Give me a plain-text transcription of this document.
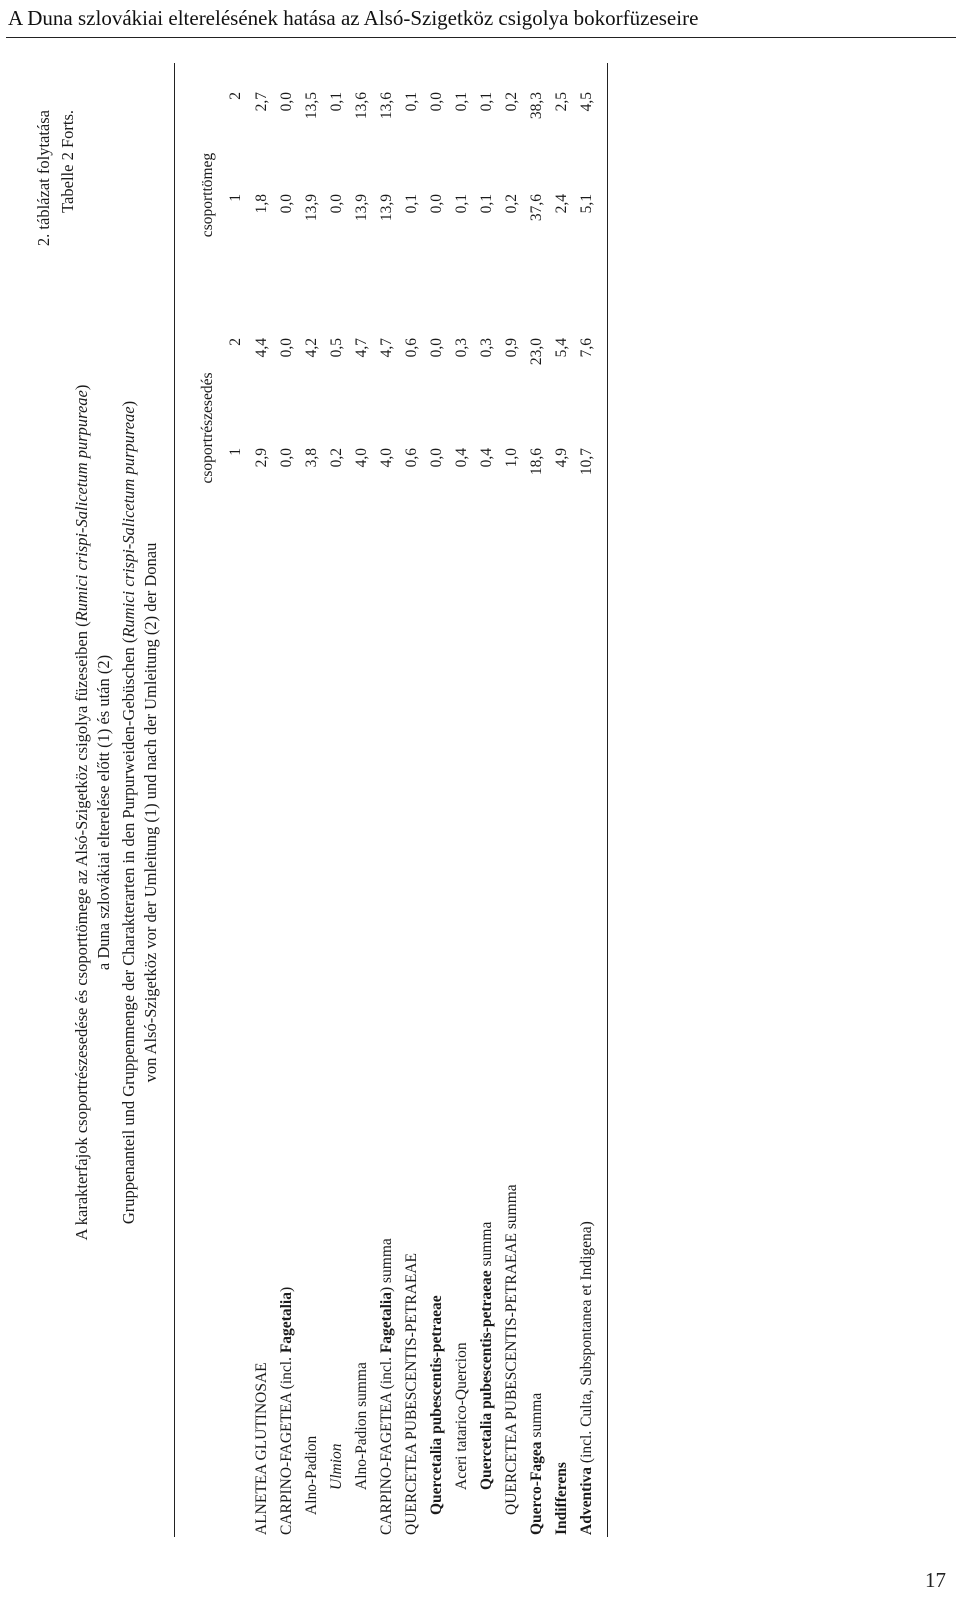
A Duna szlovákiai elterelésének hatása az Alsó-Szigetköz csigolya bokorfüzeseire
2. táblázat folytatása Tabelle 2 Forts.
A karakterfajok csoportrészesedése és csoporttömege az Alsó-Szigetköz csigolya füzeseiben (Rumici crispi-Salicetum purpureae)
a Duna szlovákiai elterelése előtt (1) és után (2) Gruppenanteil und Gruppenmenge der Charakterarten in den Purpurweiden-Gebüschen (Rumici crispi-Salicetum purpureae)
von Alsó-Szigetköz vor der Umleitung (1) und nach der Umleitung (2) der Donau
csoportrészesedés
csoporttömeg
1
2
1
2
ALNETEA GLUTINOSAE
2,9
4,4
1,8
2,7
CARPINO-FAGETEA (incl. Fagetalia)
0,0
0,0
0,0
0,0
Alno-Padion
3,8
4,2
13,9
13,5
Ulmion
0,2
0,5
0,0
0,1
Alno-Padion summa
4,0
4,7
13,9
13,6
CARPINO-FAGETEA (incl. Fagetalia) summa
4,0
4,7
13,9
13,6
QUERCETEA PUBESCENTIS-PETRAEAE
0,6
0,6
0,1
0,1
Quercetalia pubescentis-petraeae
0,0
0,0
0,0
0,0
Aceri tatarico-Quercion
0,4
0,3
0,1
0,1
Quercetalia pubescentis-petraeae summa
0,4
0,3
0,1
0,1
QUERCETEA PUBESCENTIS-PETRAEAE summa
1,0
0,9
0,2
0,2
Querco-Fagea summa
18,6
23,0
37,6
38,3
Indifferens
4,9
5,4
2,4
2,5
Adventiva (incl. Culta, Subspontanea et Indigena)
10,7
7,6
5,1
4,5
17
